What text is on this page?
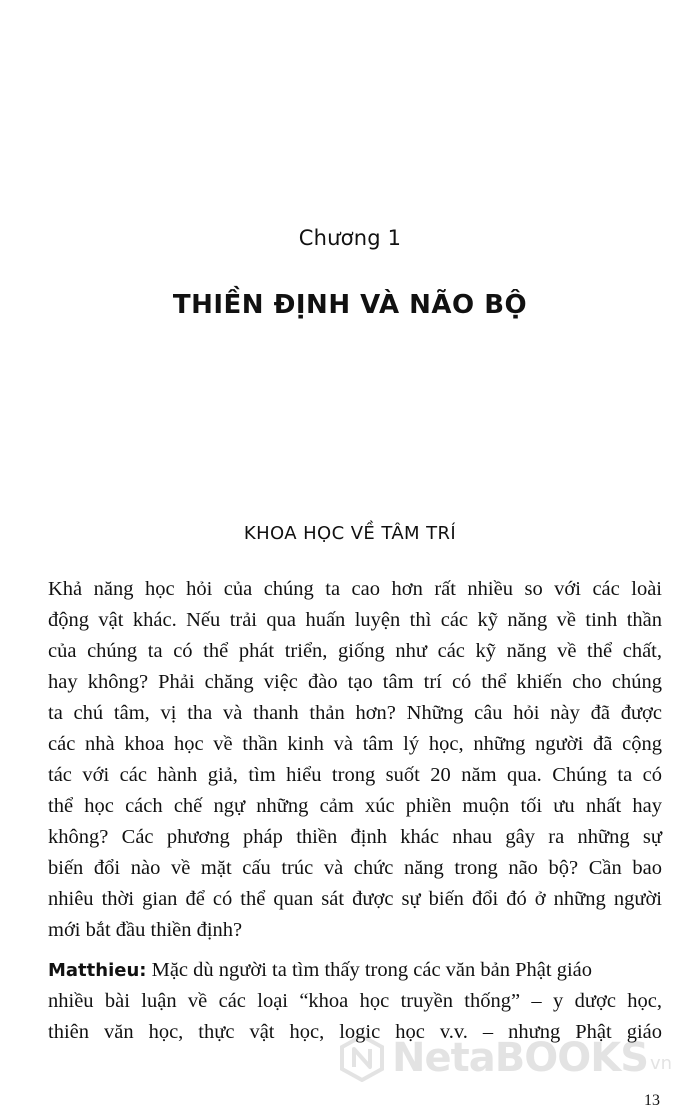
Chương 1
THIỀN ĐỊNH VÀ NÃO BỘ
KHOA HỌC VỀ TÂM TRÍ
Khả năng học hỏi của chúng ta cao hơn rất nhiều so với các loài
động vật khác. Nếu trải qua huấn luyện thì các kỹ năng về tinh thần
của chúng ta có thể phát triển, giống như các kỹ năng về thể chất,
hay không? Phải chăng việc đào tạo tâm trí có thể khiến cho chúng
ta chú tâm, vị tha và thanh thản hơn? Những câu hỏi này đã được
các nhà khoa học về thần kinh và tâm lý học, những người đã cộng
tác với các hành giả, tìm hiểu trong suốt 20 năm qua. Chúng ta có
thể học cách chế ngự những cảm xúc phiền muộn tối ưu nhất hay
không? Các phương pháp thiền định khác nhau gây ra những sự
biến đổi nào về mặt cấu trúc và chức năng trong não bộ? Cần bao
nhiêu thời gian để có thể quan sát được sự biến đổi đó ở những người
mới bắt đầu thiền định?
Matthieu: Mặc dù người ta tìm thấy trong các văn bản Phật giáo
nhiều bài luận về các loại “khoa học truyền thống” – y dược học,
thiên văn học, thực vật học, logic học v.v. – nhưng Phật giáo
NetaBOOKS vn
13
